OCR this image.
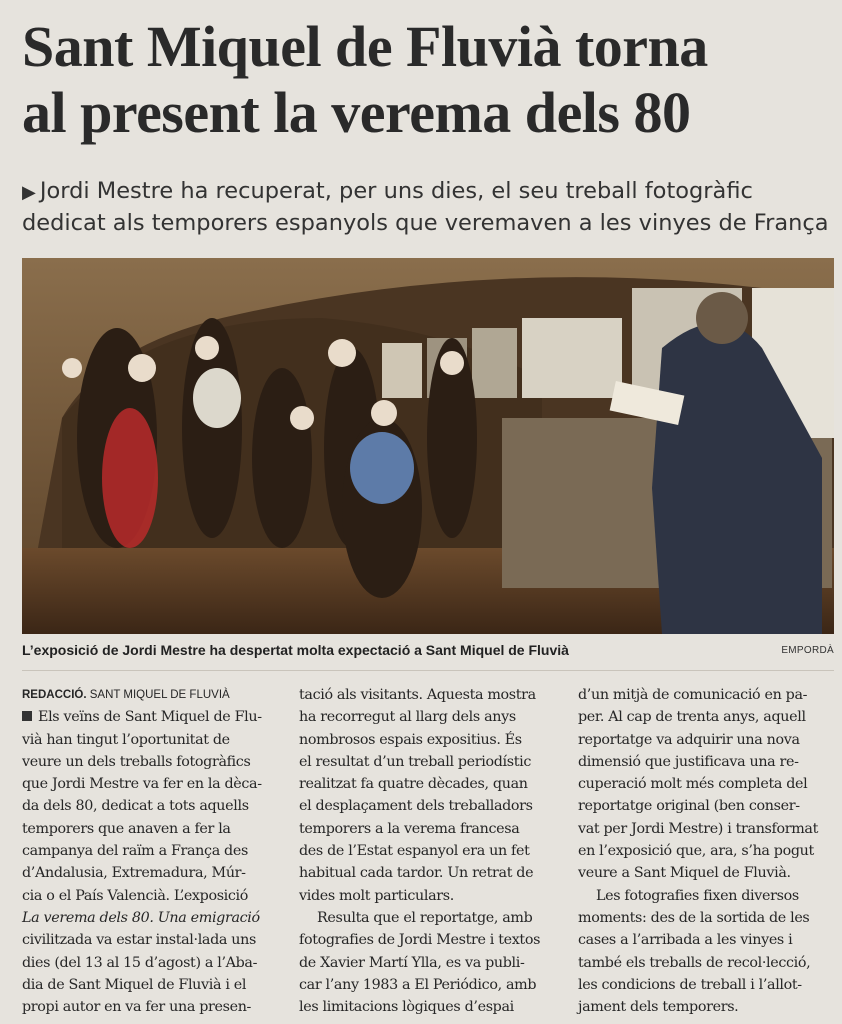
Sant Miquel de Fluvià torna
al present la verema dels 80
▶ Jordi Mestre ha recuperat, per uns dies, el seu treball fotogràfic
dedicat als temporers espanyols que veremaven a les vinyes de França
L’exposició de Jordi Mestre ha despertat molta expectació a Sant Miquel de Fluvià	EMPORDÀ
REDACCIÓ. SANT MIQUEL DE FLUVIÀ
Els veïns de Sant Miquel de Flu-
vià han tingut l’oportunitat de
veure un dels treballs fotogràfics
que Jordi Mestre va fer en la dèca-
da dels 80, dedicat a tots aquells
temporers que anaven a fer la
campanya del raïm a França des
d’Andalusia, Extremadura, Múr-
cia o el País Valencià. L’exposició
La verema dels 80. Una emigració
civilitzada va estar instal·lada uns
dies (del 13 al 15 d’agost) a l’Aba-
dia de Sant Miquel de Fluvià i el
propi autor en va fer una presen-
tació als visitants. Aquesta mostra
ha recorregut al llarg dels anys
nombrosos espais expositius. És
el resultat d’un treball periodístic
realitzat fa quatre dècades, quan
el desplaçament dels treballadors
temporers a la verema francesa
des de l’Estat espanyol era un fet
habitual cada tardor. Un retrat de
vides molt particulars.
Resulta que el reportatge, amb
fotografies de Jordi Mestre i textos
de Xavier Martí Ylla, es va publi-
car l’any 1983 a El Periódico, amb
les limitacions lògiques d’espai
d’un mitjà de comunicació en pa-
per. Al cap de trenta anys, aquell
reportatge va adquirir una nova
dimensió que justificava una re-
cuperació molt més completa del
reportatge original (ben conser-
vat per Jordi Mestre) i transformat
en l’exposició que, ara, s’ha pogut
veure a Sant Miquel de Fluvià.
Les fotografies fixen diversos
moments: des de la sortida de les
cases a l’arribada a les vinyes i
també els treballs de recol·lecció,
les condicions de treball i l’allot-
jament dels temporers.
